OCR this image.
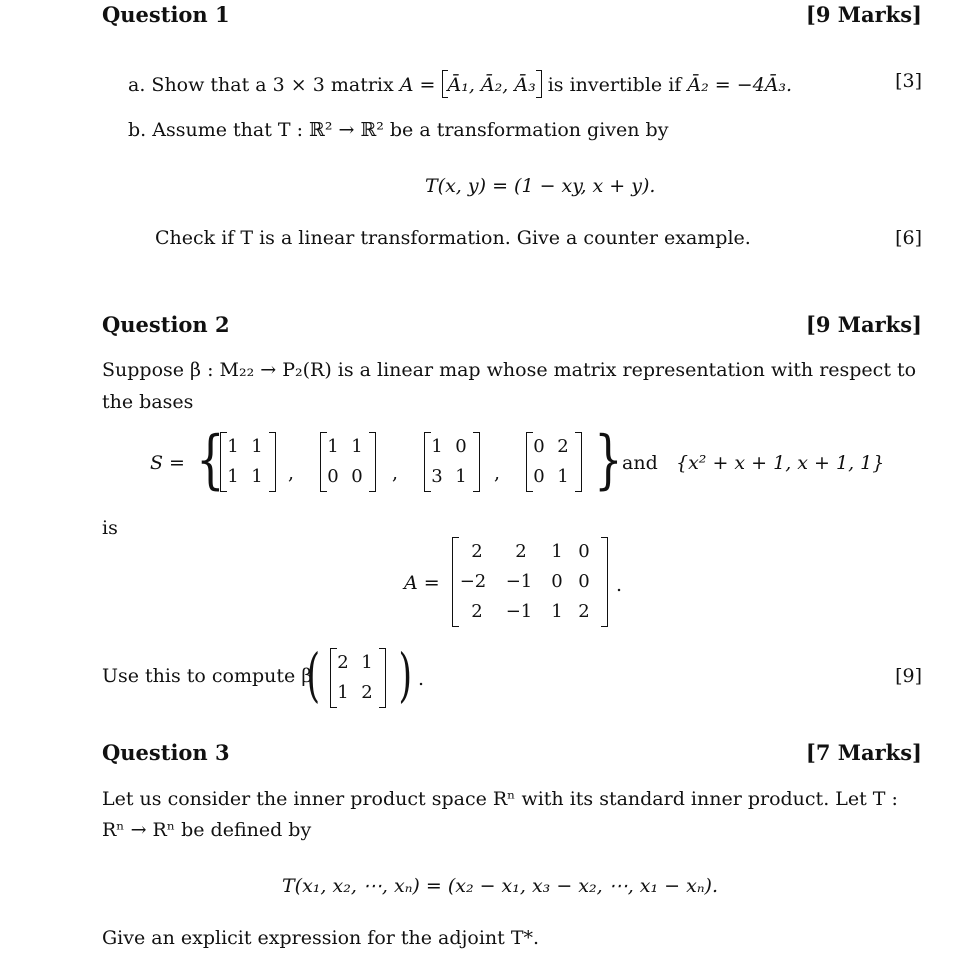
Question 1	[9 Marks]
a. Show that a 3 × 3 matrix A = Ā₁, Ā₂, Ā₃ is invertible if Ā₂ = −4Ā₃.	[3]
b. Assume that T : ℝ² → ℝ² be a transformation given by
T(x, y) = (1 − xy, x + y).
Check if T is a linear transformation. Give a counter example.	[6]
Question 2	[9 Marks]
Suppose β : M₂₂ → P₂(R) is a linear map whose matrix representation with respect to
the bases
S = { 1 1
1 1 ,
1 1
0 0 ,
1 0
3 1 ,
0 2
0 1 } and {x² + x + 1, x + 1, 1}
is
A =
2	2	1 0
−2 −1 0 0
2	−1 1 2
.
Use this to compute β
( 2 1
1 2 ) .	[9]
Question 3	[7 Marks]
Let us consider the inner product space Rⁿ with its standard inner product. Let T :
Rⁿ → Rⁿ be defined by
T(x₁, x₂, ⋯, xₙ) = (x₂ − x₁, x₃ − x₂, ⋯, x₁ − xₙ).
Give an explicit expression for the adjoint T*.
